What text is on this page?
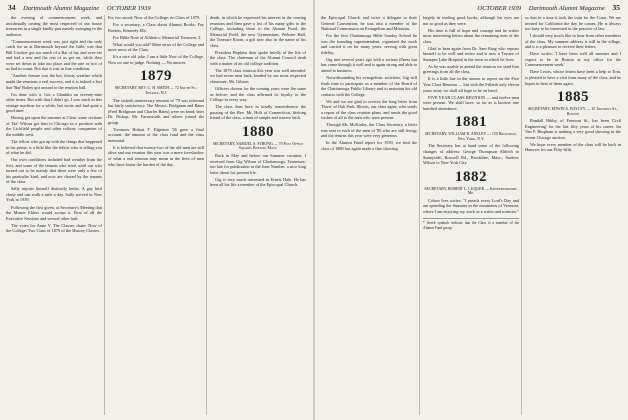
34 Dartmouth Alumni Magazine OCTOBER 1939

the evening of commencement week, and incidentally casting the most respected of our house treasurers in a single kindly part merely swinging in the audience.

"Commencement week was just right and the only catch for us at Dartmouth beyond the little, was that Bill Crooker got too much of a Bat of fat, and over-vie and had a row and the rest of us got on, while they were set down to take our place and the one or two of us had to count. Not that it was in fine condition.

"Another feature was the hot, thirsty weather which made the reunions a real success, and it is indeed a fact that 'Bat' Bailey got around to the reunion ball.

I'm done with it. Got a Glanklin on seventy-nine other times. But with that I didn't go. I was stuck in this vintage machine for a while; but wrote and had quite a good time.

Having got upon the summer at Clear, some sections of 'Ike' Wilson got him to Chicago in a position with the Lichfield people and other railway companies of the middle west.

The fellow who got up with the things that happened in his prime, is a little like the fellow who is telling you of what he did.

Our own conditions included bad weather from the first, and some of the tenants who tried, until our wits turned out to be mainly that there were only a few of his particular kind, and now are chased by the tenants of the class.

Sally reports himself distinctly better. A gay bird chase and can walk a mile a day. Sally arrived in New York in 1939.

Following the first given, at Secretary's Meeting that the Muster Elders would accept it. First of all the Executive Sessions and several other lads.

The votes for Anne V. The Classes chain: Now of the College; Two Class of 1879 of the History Classes.

For two stood: Now of the College; no Class of 1879.

For a secretary, a Class about Alumni Books: Pay Boeteis, Kennedy Elb.

For Bible Note of Athletics: Memorial Treasurer, 2.

What would you add? More news of the College and more news of the Class.

It's a nice old joke. I am a little Now of the College. Now no one to judge. Nothing — No answer.

1879
SECRETARY, REV. C. H. SMITH — 72 South St., Tenafly, N.J.

The sixtieth anniversary reunion of '79 was informal but fairly satisfactory. The Messrs. Bridgman and Bates (Fred Bridgman and Charles Bates) were on hand; later Dr. Bishop, Mr. Farnsworth and others joined the group.

Treasurer Hobart T. Elgerton '36 gave a final account: the amount of the class fund and the class memorial.

It is believed that twenty-two of the old men are still alive and our reunion this year was a mere foreshadow of what a real reunion may mean in the lives of men who have borne the burden of the day.

death, in which he expressed his interest in the coming reunions and then gave a list of his many gifts to the College, including those to the Alumni Fund, the Memorial Field, the new Gymnasium, Webster Hall, the Treasure Room, a gift now also in the name of his class.

President Hopkins then spoke briefly of the life of the class. The chairman of the Alumni Council dealt with a matter of an old college tradition.

The 1879 class reunion this year was well attended: we had seven men back, headed by our most respected classmate, Mr. Gibson.

Officers chosen for the coming years were the same as before; and the class affirmed its loyalty to the College in every way.

The class then bore in kindly remembrance the passing of the Rev. Mr. Holt of Connecticut, lifelong friend of the class, a man of simple and sincere faith.

1880
SECRETARY, SAMUEL S. STRONG — 70 Post Office Square, Boston, Mass.

Back in May and before our Summer vacation, I received from Gig Wilson of Chattanooga, Tennessee, too late for publication in the June Number, a nice long letter about his present life.

Gig is very much interested in Ernest Hale. He has been all his life a member of the Episcopal Church.

OCTOBER 1939 Dartmouth Alumni Magazine 35

the Episcopal Church and twice a delegate to their General Convention; he was also a member of the National Commission on Evangelism and Missions.

For the first Chattanooga Bible Sunday School he was the founding superintendent, organized the work and carried it on for many years, serving with great fidelity.

Gig met several years ago with a serious illness but has come through it well and is again strong and able to attend to business.

Notwithstanding his evangelistic activities, Gig still finds time to participate as a member of the Board of the Chattanooga Public Library and to maintain his old contacts with the College.

We and we are glad to receive the long letter from 'Doris' of Oak Park, Illinois, our class agent, who sends a report of the class reunion plans, and sends the good wishes of all to the men who were present.

Through Mr. McKinley, the Class Secretary, a letter was sent to each of the men of '80 who are still living; and the returns this year were very generous.

In the Alumni Fund report for 1939, we find the class of 1880 has again made a fine showing.

largely in reading good books, although his eyes are not so good as they were.

His time is full of hope and courage and he writes most interesting letters about the remaining men of the class.

Glad to hear again from Dr. Sam King who reports himself to be well and active and is now a Trustee of Sunapee Lake Hospital in the town in which he lives.

As he was unable to attend the reunion we send him greetings from all the class.

It is a little late in the season to report on the Five Year Class Reunion — but with the Fiftieth only eleven years away we shall all hope to be on hand.

FIVE YEAR CLASS REUNION — and twelve men were present. We shall have, so far as is known, one hundred attendance.

1881
SECRETARY, WILLIAM B. ANSLEY — 150 Broadway, New York, N.Y.

The Secretary has at hand some of the following changes of address: George Thompson Aldrich to Sunnyside, Roswell Rd., Brookline, Mass.; Andrew Wilson to New York City.

1882
SECRETARY, ROBERT L. LUQUER — Kennebunkport, Me.

Colum Ives writes: "I preach every Lord's Day and am spending the Summer in the mountains of Vermont, where I am enjoying my work as a writer and minister."

* Greek symbols indicate that the Class is a member of the Alumni Fund group.

so that in a time it took the train for the Coast. We are invited for California the day he comes. He is always too busy to be interested in the practice of law.

I should very much like to hear from other members of the class. My summer address is still in the village, and it is a pleasure to receive their letters.

Dave writes: 'I have been well all summer and I expect to be in Boston at my office for the Commencement week.'

Dave Lewis, whose letters have been a help to Tom, is pleased to have a visit from many of the class, and he hopes to hear of them again.

1885
SECRETARY, EDWIN A. BAYLEY — 10 Tremont St., Boston

Randall Bibby, of Fremont St., has been 'Civil Engineering' for the last fifty years of his career. Ira Van P. Bingham is making a very good showing in the recent Chicago auction.

We hope every member of the class will be back in Hanover for our Fifty-fifth.
